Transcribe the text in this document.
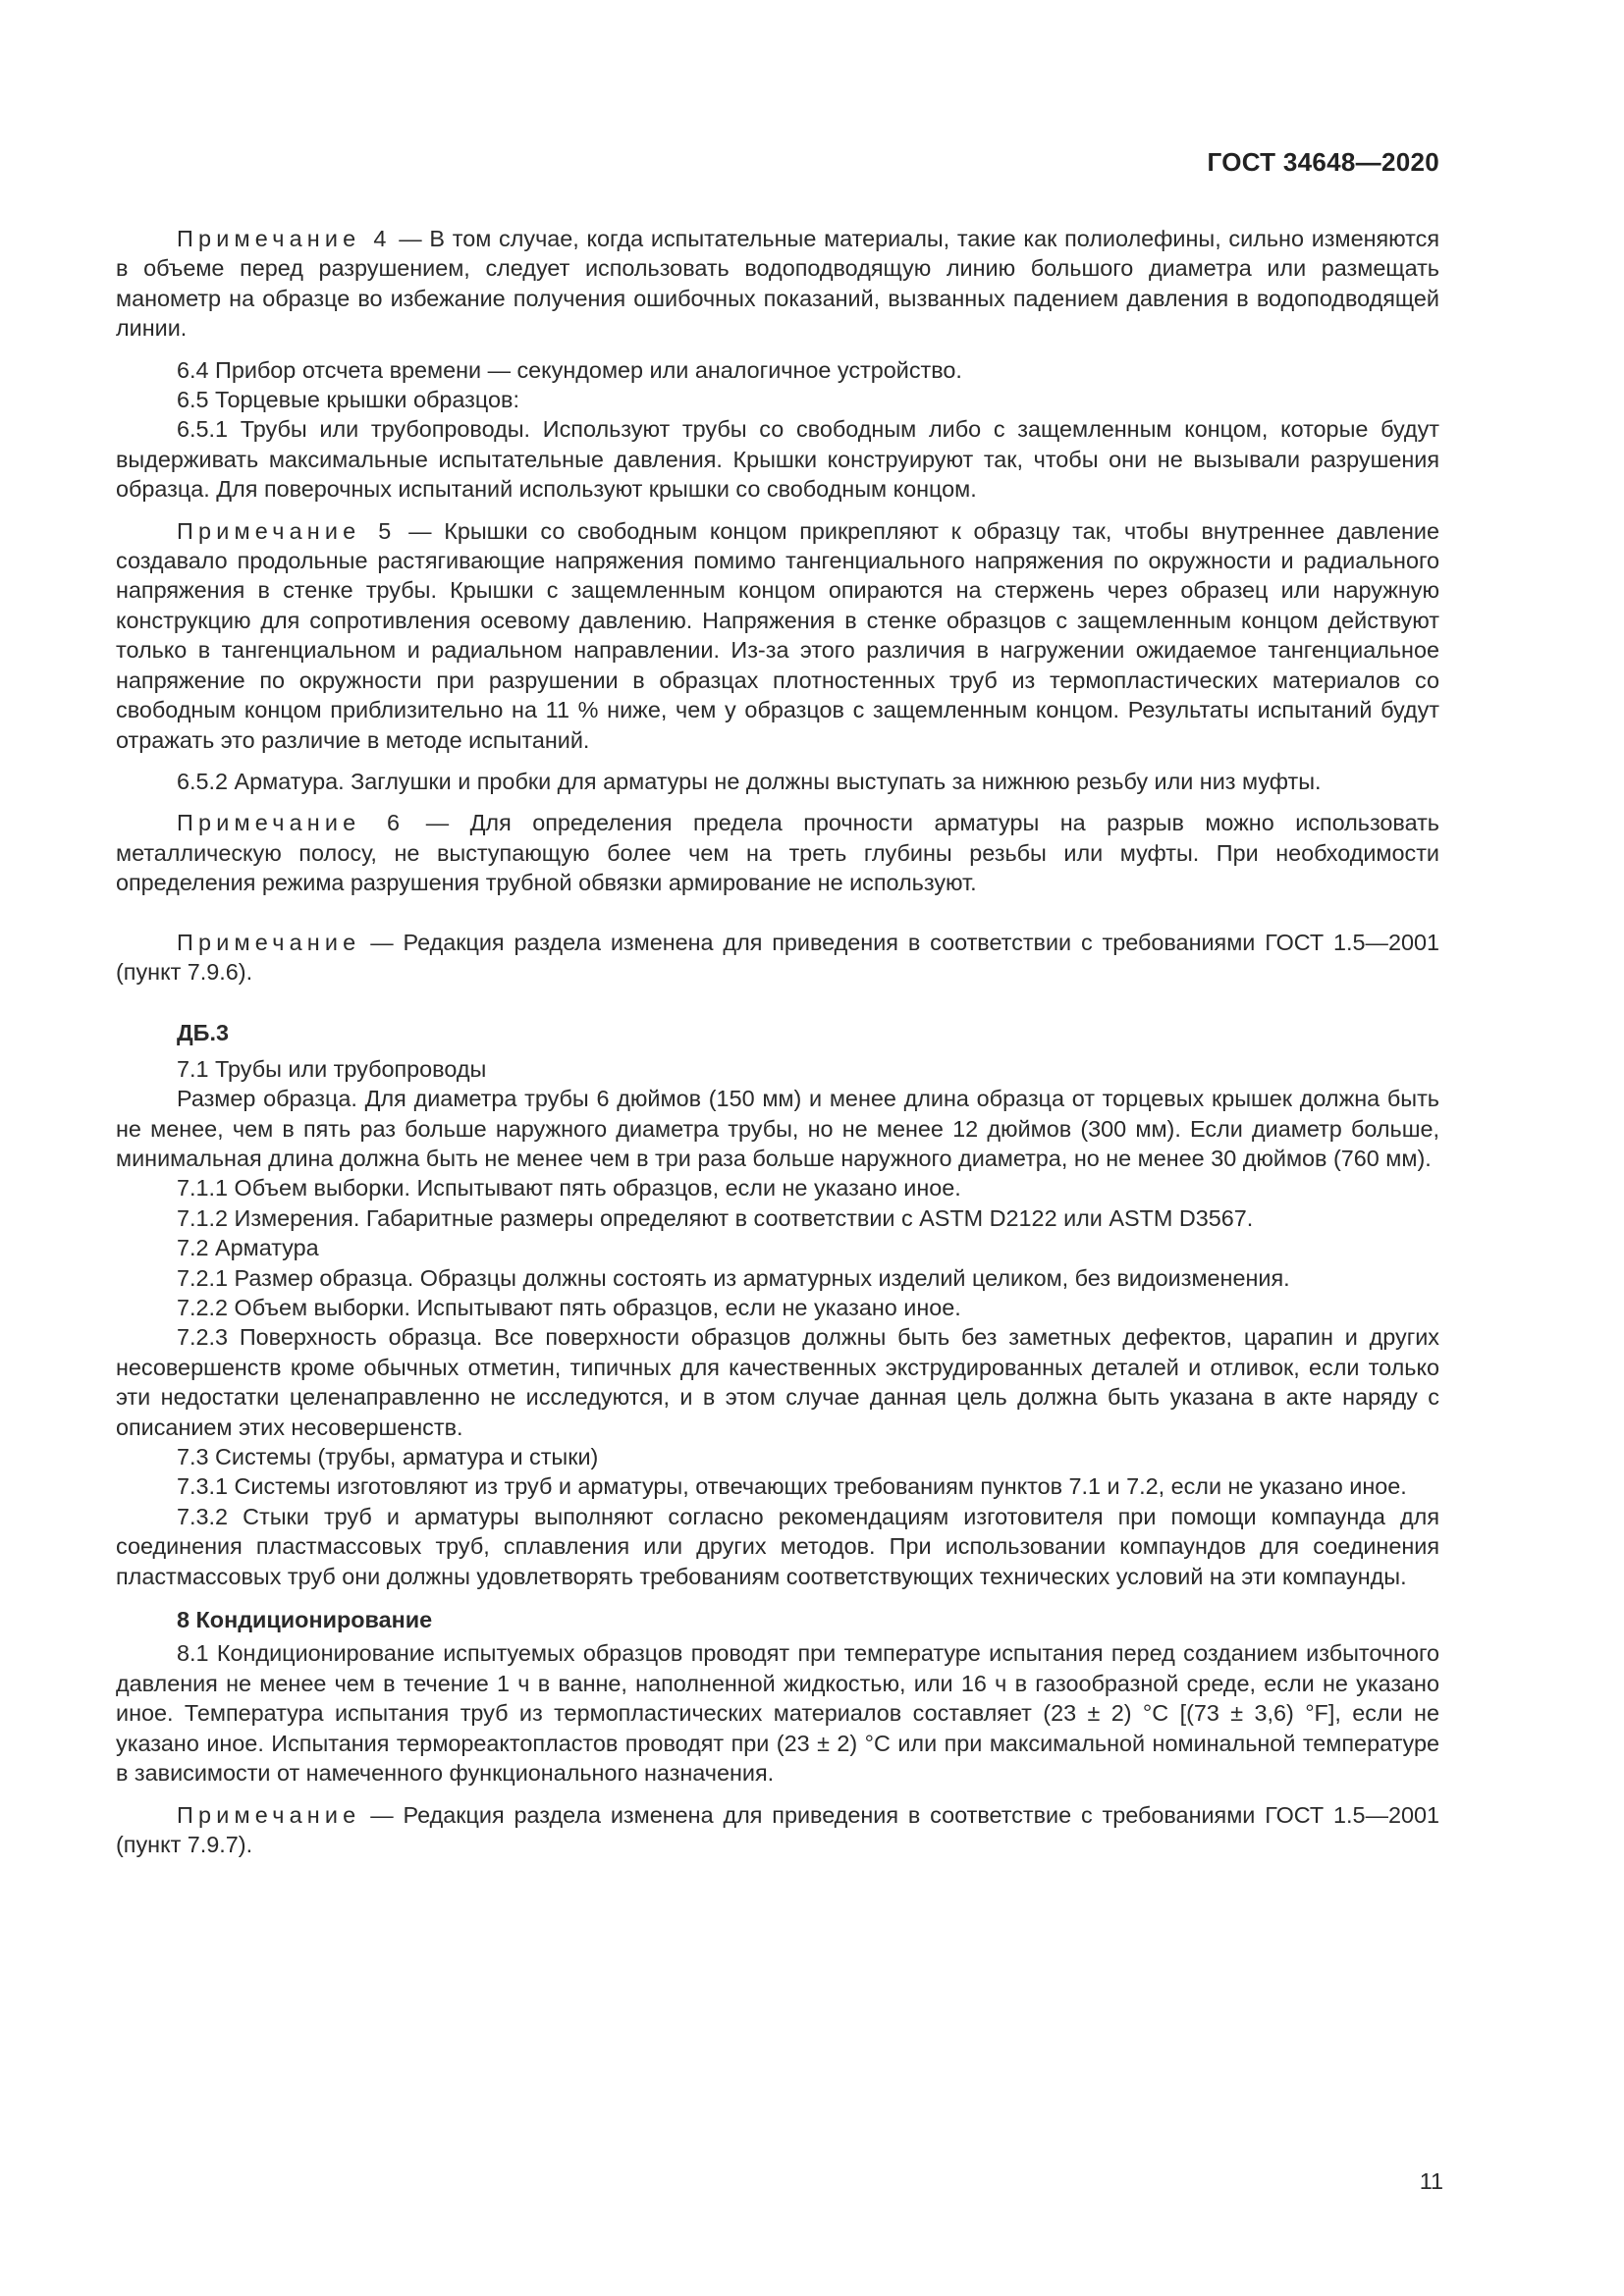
ГОСТ 34648—2020

Примечание 4 — В том случае, когда испытательные материалы, такие как полиолефины, сильно изменяются в объеме перед разрушением, следует использовать водоподводящую линию большого диаметра или размещать манометр на образце во избежание получения ошибочных показаний, вызванных падением давления в водоподводящей линии.

6.4 Прибор отсчета времени — секундомер или аналогичное устройство.

6.5 Торцевые крышки образцов:

6.5.1 Трубы или трубопроводы. Используют трубы со свободным либо с защемленным концом, которые будут выдерживать максимальные испытательные давления. Крышки конструируют так, чтобы они не вызывали разрушения образца. Для поверочных испытаний используют крышки со свободным концом.

Примечание 5 — Крышки со свободным концом прикрепляют к образцу так, чтобы внутреннее давление создавало продольные растягивающие напряжения помимо тангенциального напряжения по окружности и радиального напряжения в стенке трубы. Крышки с защемленным концом опираются на стержень через образец или наружную конструкцию для сопротивления осевому давлению. Напряжения в стенке образцов с защемленным концом действуют только в тангенциальном и радиальном направлении. Из-за этого различия в нагружении ожидаемое тангенциальное напряжение по окружности при разрушении в образцах плотностенных труб из термопластических материалов со свободным концом приблизительно на 11 % ниже, чем у образцов с защемленным концом. Результаты испытаний будут отражать это различие в методе испытаний.

6.5.2 Арматура. Заглушки и пробки для арматуры не должны выступать за нижнюю резьбу или низ муфты.

Примечание 6 — Для определения предела прочности арматуры на разрыв можно использовать металлическую полосу, не выступающую более чем на треть глубины резьбы или муфты. При необходимости определения режима разрушения трубной обвязки армирование не используют.

Примечание — Редакция раздела изменена для приведения в соответствии с требованиями ГОСТ 1.5—2001 (пункт 7.9.6).

ДБ.3

7.1 Трубы или трубопроводы

Размер образца. Для диаметра трубы 6 дюймов (150 мм) и менее длина образца от торцевых крышек должна быть не менее, чем в пять раз больше наружного диаметра трубы, но не менее 12 дюймов (300 мм). Если диаметр больше, минимальная длина должна быть не менее чем в три раза больше наружного диаметра, но не менее 30 дюймов (760 мм).

7.1.1 Объем выборки. Испытывают пять образцов, если не указано иное.

7.1.2 Измерения. Габаритные размеры определяют в соответствии с ASTM D2122 или ASTM D3567.

7.2 Арматура

7.2.1 Размер образца. Образцы должны состоять из арматурных изделий целиком, без видоизменения.

7.2.2 Объем выборки. Испытывают пять образцов, если не указано иное.

7.2.3 Поверхность образца. Все поверхности образцов должны быть без заметных дефектов, царапин и других несовершенств кроме обычных отметин, типичных для качественных экструдированных деталей и отливок, если только эти недостатки целенаправленно не исследуются, и в этом случае данная цель должна быть указана в акте наряду с описанием этих несовершенств.

7.3 Системы (трубы, арматура и стыки)

7.3.1 Системы изготовляют из труб и арматуры, отвечающих требованиям пунктов 7.1 и 7.2, если не указано иное.

7.3.2 Стыки труб и арматуры выполняют согласно рекомендациям изготовителя при помощи компаунда для соединения пластмассовых труб, сплавления или других методов. При использовании компаундов для соединения пластмассовых труб они должны удовлетворять требованиям соответствующих технических условий на эти компаунды.

8 Кондиционирование

8.1 Кондиционирование испытуемых образцов проводят при температуре испытания перед созданием избыточного давления не менее чем в течение 1 ч в ванне, наполненной жидкостью, или 16 ч в газообразной среде, если не указано иное. Температура испытания труб из термопластических материалов составляет (23 ± 2) °C [(73 ± 3,6) °F], если не указано иное. Испытания термореактопластов проводят при (23 ± 2) °C или при максимальной номинальной температуре в зависимости от намеченного функционального назначения.

Примечание — Редакция раздела изменена для приведения в соответствие с требованиями ГОСТ 1.5—2001 (пункт 7.9.7).

11
